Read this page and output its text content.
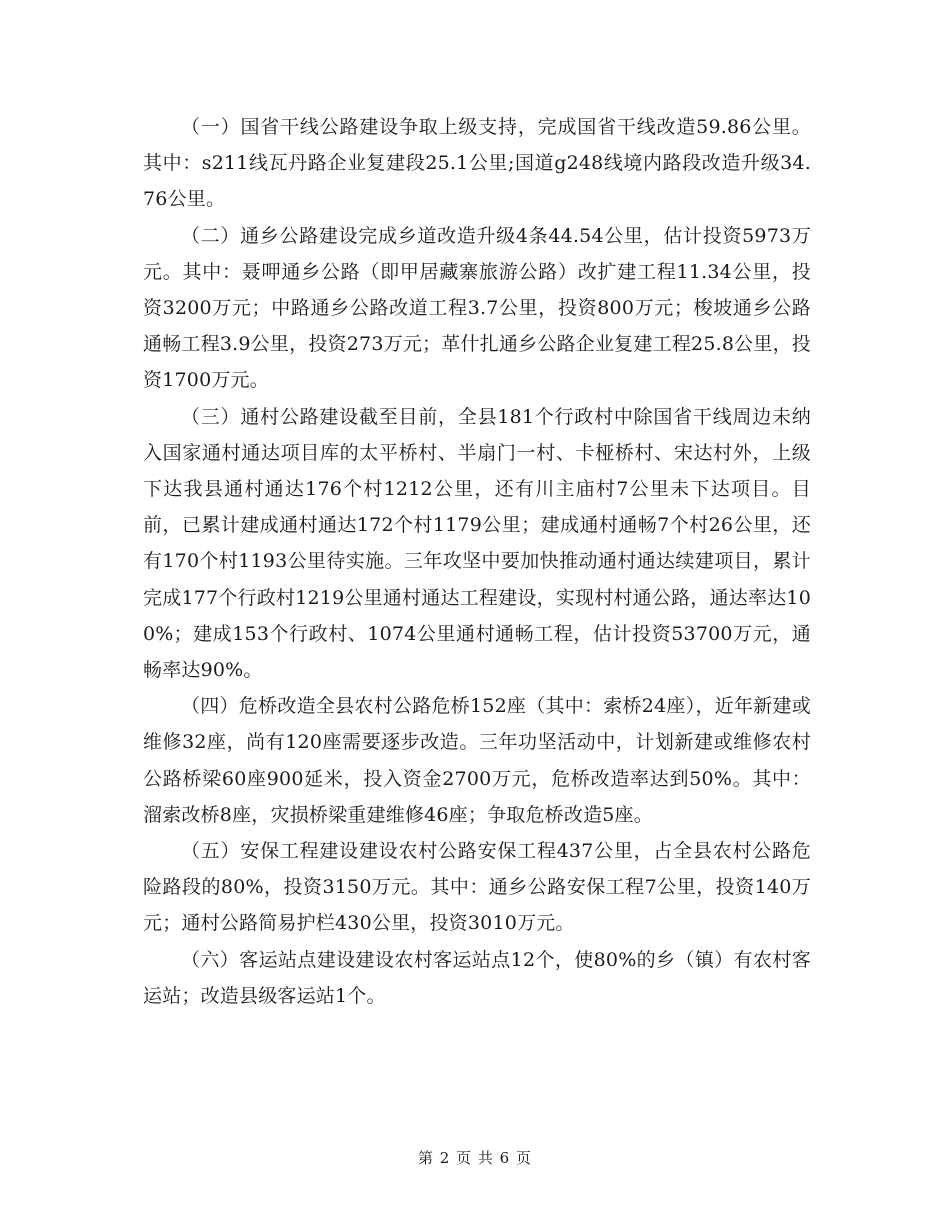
（一）国省干线公路建设争取上级支持，完成国省干线改造59.86公里。其中：s211线瓦丹路企业复建段25.1公里;国道g248线境内路段改造升级34.76公里。

（二）通乡公路建设完成乡道改造升级4条44.54公里，估计投资5973万元。其中：聂呷通乡公路（即甲居藏寨旅游公路）改扩建工程11.34公里，投资3200万元；中路通乡公路改道工程3.7公里，投资800万元；梭坡通乡公路通畅工程3.9公里，投资273万元；革什扎通乡公路企业复建工程25.8公里，投资1700万元。

（三）通村公路建设截至目前，全县181个行政村中除国省干线周边未纳入国家通村通达项目库的太平桥村、半扇门一村、卡桠桥村、宋达村外，上级下达我县通村通达176个村1212公里，还有川主庙村7公里未下达项目。目前，已累计建成通村通达172个村1179公里；建成通村通畅7个村26公里，还有170个村1193公里待实施。三年攻坚中要加快推动通村通达续建项目，累计完成177个行政村1219公里通村通达工程建设，实现村村通公路，通达率达100%；建成153个行政村、1074公里通村通畅工程，估计投资53700万元，通畅率达90%。

（四）危桥改造全县农村公路危桥152座（其中：索桥24座），近年新建或维修32座，尚有120座需要逐步改造。三年功坚活动中，计划新建或维修农村公路桥梁60座900延米，投入资金2700万元，危桥改造率达到50%。其中：溜索改桥8座，灾损桥梁重建维修46座；争取危桥改造5座。

（五）安保工程建设建设农村公路安保工程437公里，占全县农村公路危险路段的80%，投资3150万元。其中：通乡公路安保工程7公里，投资140万元；通村公路简易护栏430公里，投资3010万元。

（六）客运站点建设建设农村客运站点12个，使80%的乡（镇）有农村客运站；改造县级客运站1个。

第 2 页 共 6 页
